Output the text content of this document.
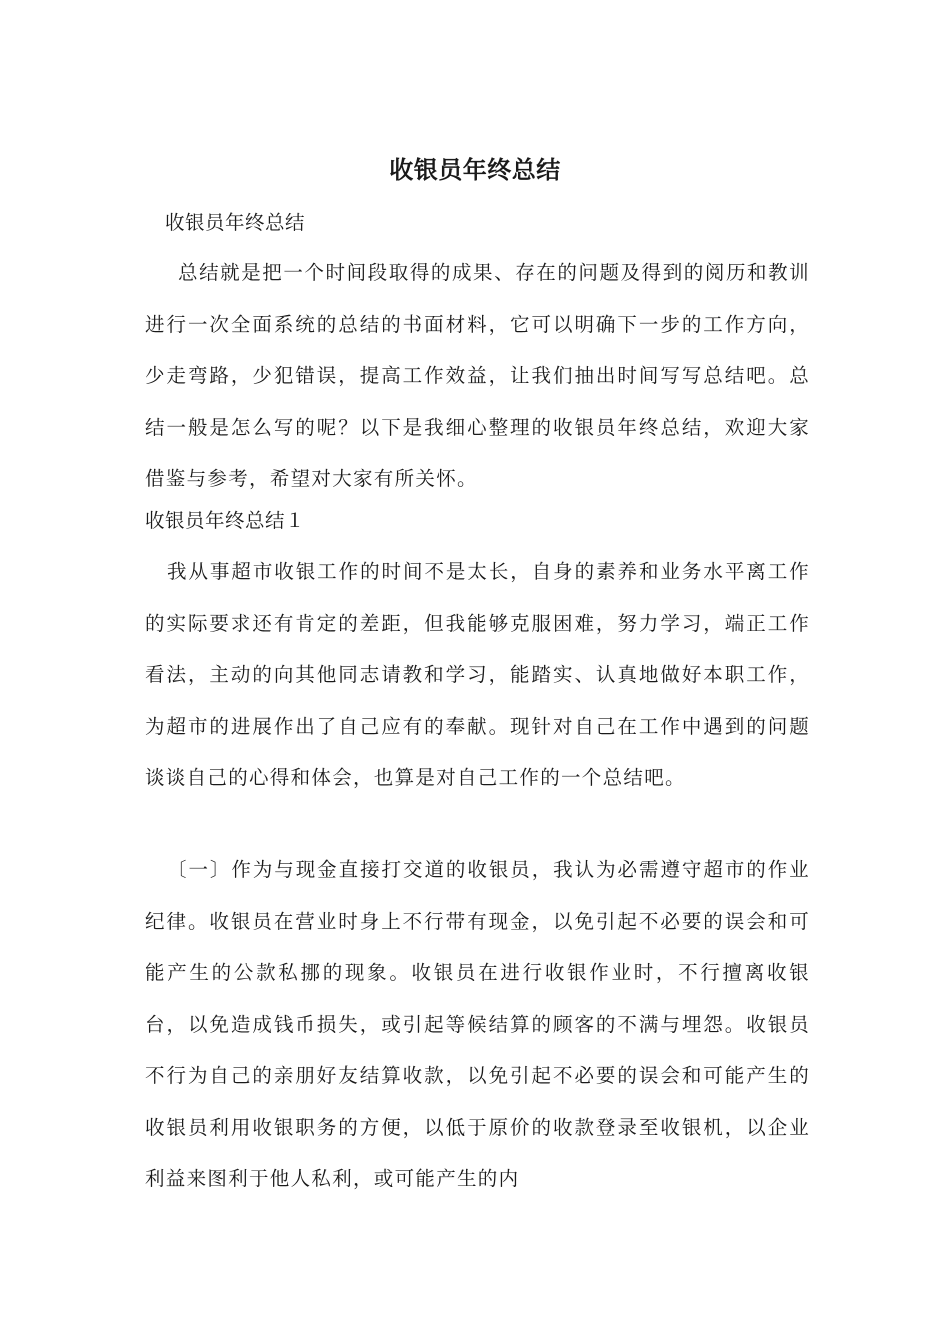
收银员年终总结
收银员年终总结
总结就是把一个时间段取得的成果、存在的问题及得到的阅历和教训进行一次全面系统的总结的书面材料，它可以明确下一步的工作方向，少走弯路，少犯错误，提高工作效益，让我们抽出时间写写总结吧。总结一般是怎么写的呢？以下是我细心整理的收银员年终总结，欢迎大家借鉴与参考，希望对大家有所关怀。
收银员年终总结１
我从事超市收银工作的时间不是太长，自身的素养和业务水平离工作的实际要求还有肯定的差距，但我能够克服困难，努力学习，端正工作看法，主动的向其他同志请教和学习，能踏实、认真地做好本职工作，为超市的进展作出了自己应有的奉献。现针对自己在工作中遇到的问题谈谈自己的心得和体会，也算是对自己工作的一个总结吧。
〔一〕作为与现金直接打交道的收银员，我认为必需遵守超市的作业纪律。收银员在营业时身上不行带有现金，以免引起不必要的误会和可能产生的公款私挪的现象。收银员在进行收银作业时，不行擅离收银台，以免造成钱币损失，或引起等候结算的顾客的不满与埋怨。收银员不行为自己的亲朋好友结算收款，以免引起不必要的误会和可能产生的收银员利用收银职务的方便，以低于原价的收款登录至收银机，以企业利益来图利于他人私利，或可能产生的内
